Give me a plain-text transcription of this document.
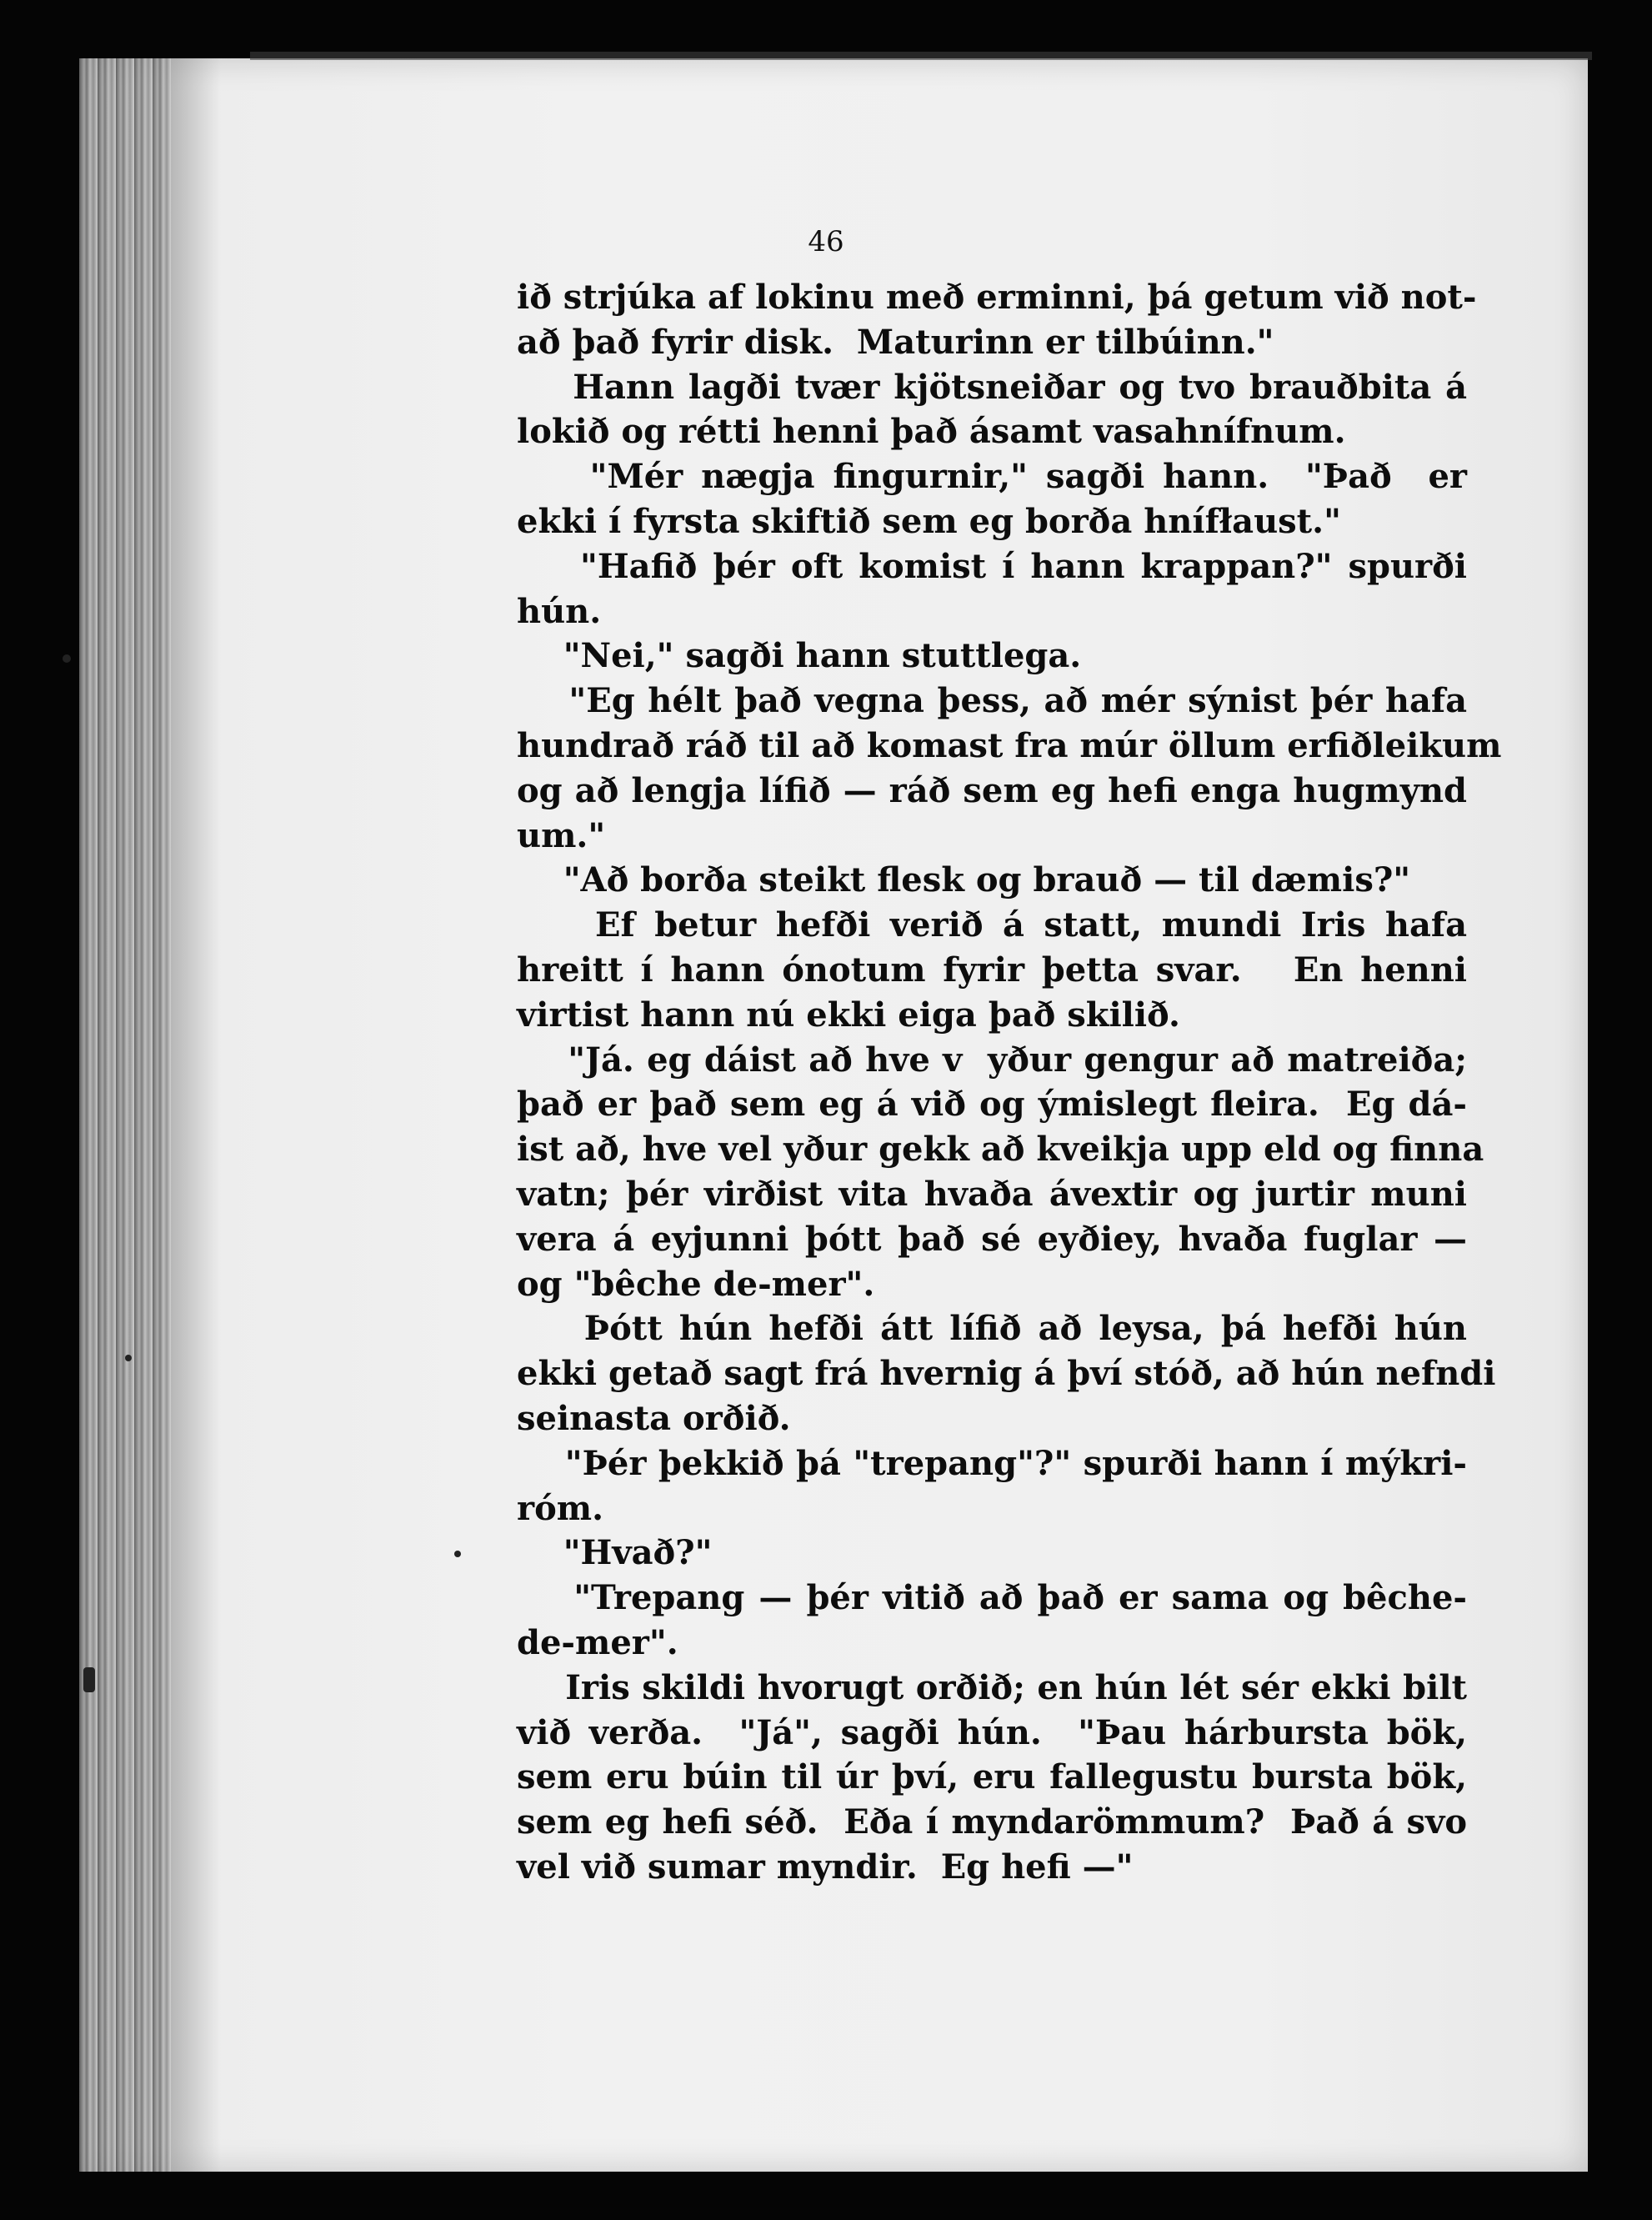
46
ið strjúka af lokinu með erminni, þá getum við not-
að það fyrir disk.  Maturinn er tilbúinn."
Hann lagði tvær kjötsneiðar og tvo brauðbita á
lokið og rétti henni það ásamt vasahnífnum.
"Mér nægja fingurnir," sagði hann.  "Það  er
ekki í fyrsta skiftið sem eg borða hnífłaust."
"Hafið þér oft komist í hann krappan?" spurði
hún.
"Nei," sagði hann stuttlega.
"Eg hélt það vegna þess, að mér sýnist þér hafa
hundrað ráð til að komast fra múr öllum erfiðleikum
og að lengja lífið — ráð sem eg hefi enga hugmynd
um."
"Að borða steikt flesk og brauð — til dæmis?"
Ef betur hefði verið á statt, mundi Iris hafa
hreitt í hann ónotum fyrir þetta svar.   En henni
virtist hann nú ekki eiga það skilið.
"Já. eg dáist að hve v  yður gengur að matreiða;
það er það sem eg á við og ýmislegt fleira.  Eg dá-
ist að, hve vel yður gekk að kveikja upp eld og finna
vatn; þér virðist vita hvaða ávextir og jurtir muni
vera á eyjunni þótt það sé eyðiey, hvaða fuglar —
og "bêche de-mer".
Þótt hún hefði átt lífið að leysa, þá hefði hún
ekki getað sagt frá hvernig á því stóð, að hún nefndi
seinasta orðið.
"Þér þekkið þá "trepang"?" spurði hann í mýkri-
róm.
"Hvað?"
"Trepang — þér vitið að það er sama og bêche-
de-mer".
Iris skildi hvorugt orðið; en hún lét sér ekki bilt
við verða.  "Já", sagði hún.  "Þau hárbursta bök,
sem eru búin til úr því, eru fallegustu bursta bök,
sem eg hefi séð.  Eða í myndarömmum?  Það á svo
vel við sumar myndir.  Eg hefi —"
